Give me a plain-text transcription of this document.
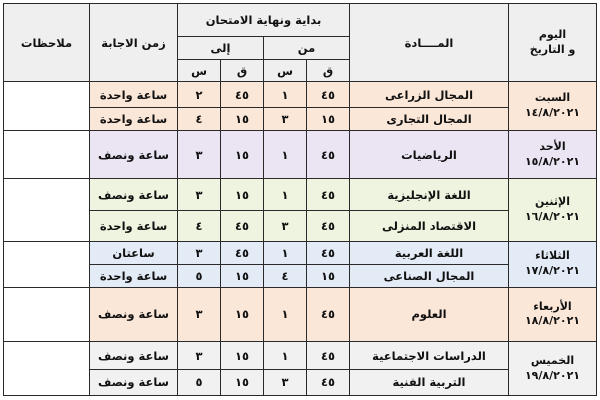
اليوم
و التاريخ	المــــادة	بداية ونهاية الامتحان				زمن الاجابة	ملاحظات
		من		إلى			
		ق	س	ق	س		
السبت
١٤/٨/٢٠٢١	المجال الزراعى	٤٥	١	٤٥	٢	ساعة واحدة	
	المجال التجارى	١٥	٣	١٥	٤	ساعة واحدة	
الأحد
١٥/٨/٢٠٢١	الرياضيات	٤٥	١	١٥	٣	ساعة ونصف	
الإثنين
١٦/٨/٢٠٢١	اللغة الإنجليزية	٤٥	١	١٥	٣	ساعة ونصف	
	الاقتصاد المنزلى	٤٥	٣	٤٥	٤	ساعة واحدة	
الثلاثاء
١٧/٨/٢٠٢١	اللغة العربية	٤٥	١	٤٥	٣	ساعتان	
	المجال الصناعى	١٥	٤	١٥	٥	ساعة واحدة	
الأربعاء
١٨/٨/٢٠٢١	العلوم	٤٥	١	١٥	٣	ساعة ونصف	
الخميس
١٩/٨/٢٠٢١	الدراسات الاجتماعية	٤٥	١	١٥	٣	ساعة ونصف	
	التربية الفنية	٤٥	٣	١٥	٥	ساعة ونصف	
